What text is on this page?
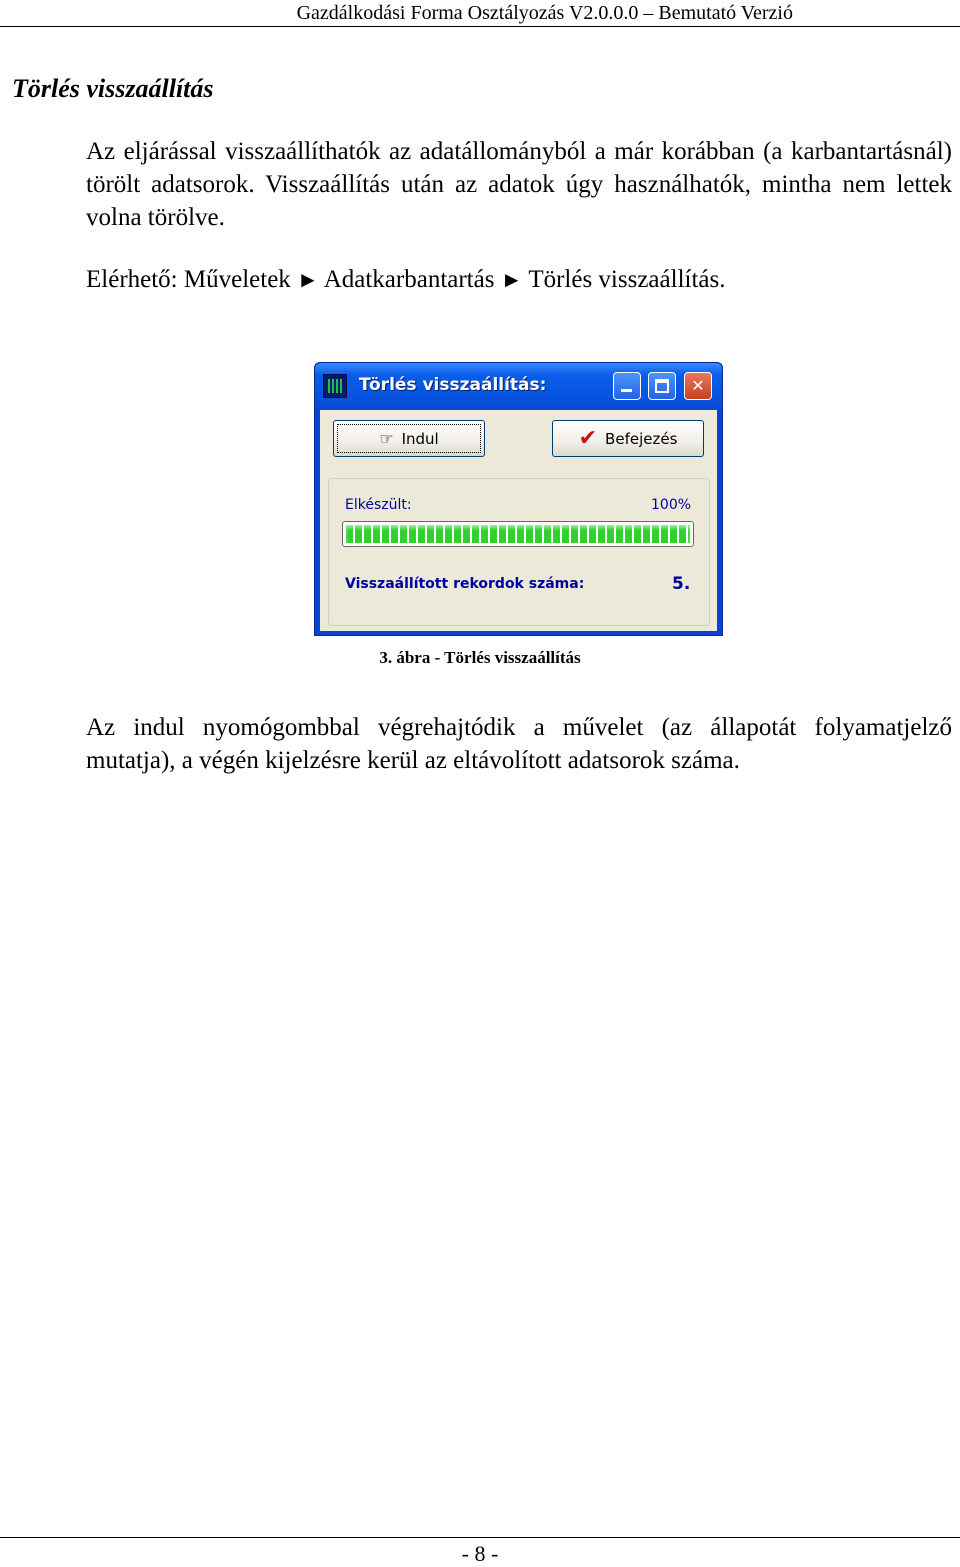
Gazdálkodási Forma Osztályozás V2.0.0.0 – Bemutató Verzió
Törlés visszaállítás
Az eljárással visszaállíthatók az adatállományból a már korábban (a karbantartásnál) törölt adatsorok. Visszaállítás után az adatok úgy használhatók, mintha nem lettek volna törölve.
Elérhető: Műveletek ► Adatkarbantartás ► Törlés visszaállítás.
Törlés visszaállítás:	✕
☞ Indul	✔ Befejezés
Elkészült:	100%
Visszaállított rekordok száma:	5.
3. ábra - Törlés visszaállítás
Az indul nyomógombbal végrehajtódik a művelet (az állapotát folyamatjelző mutatja), a végén kijelzésre kerül az eltávolított adatsorok száma.
- 8 -
